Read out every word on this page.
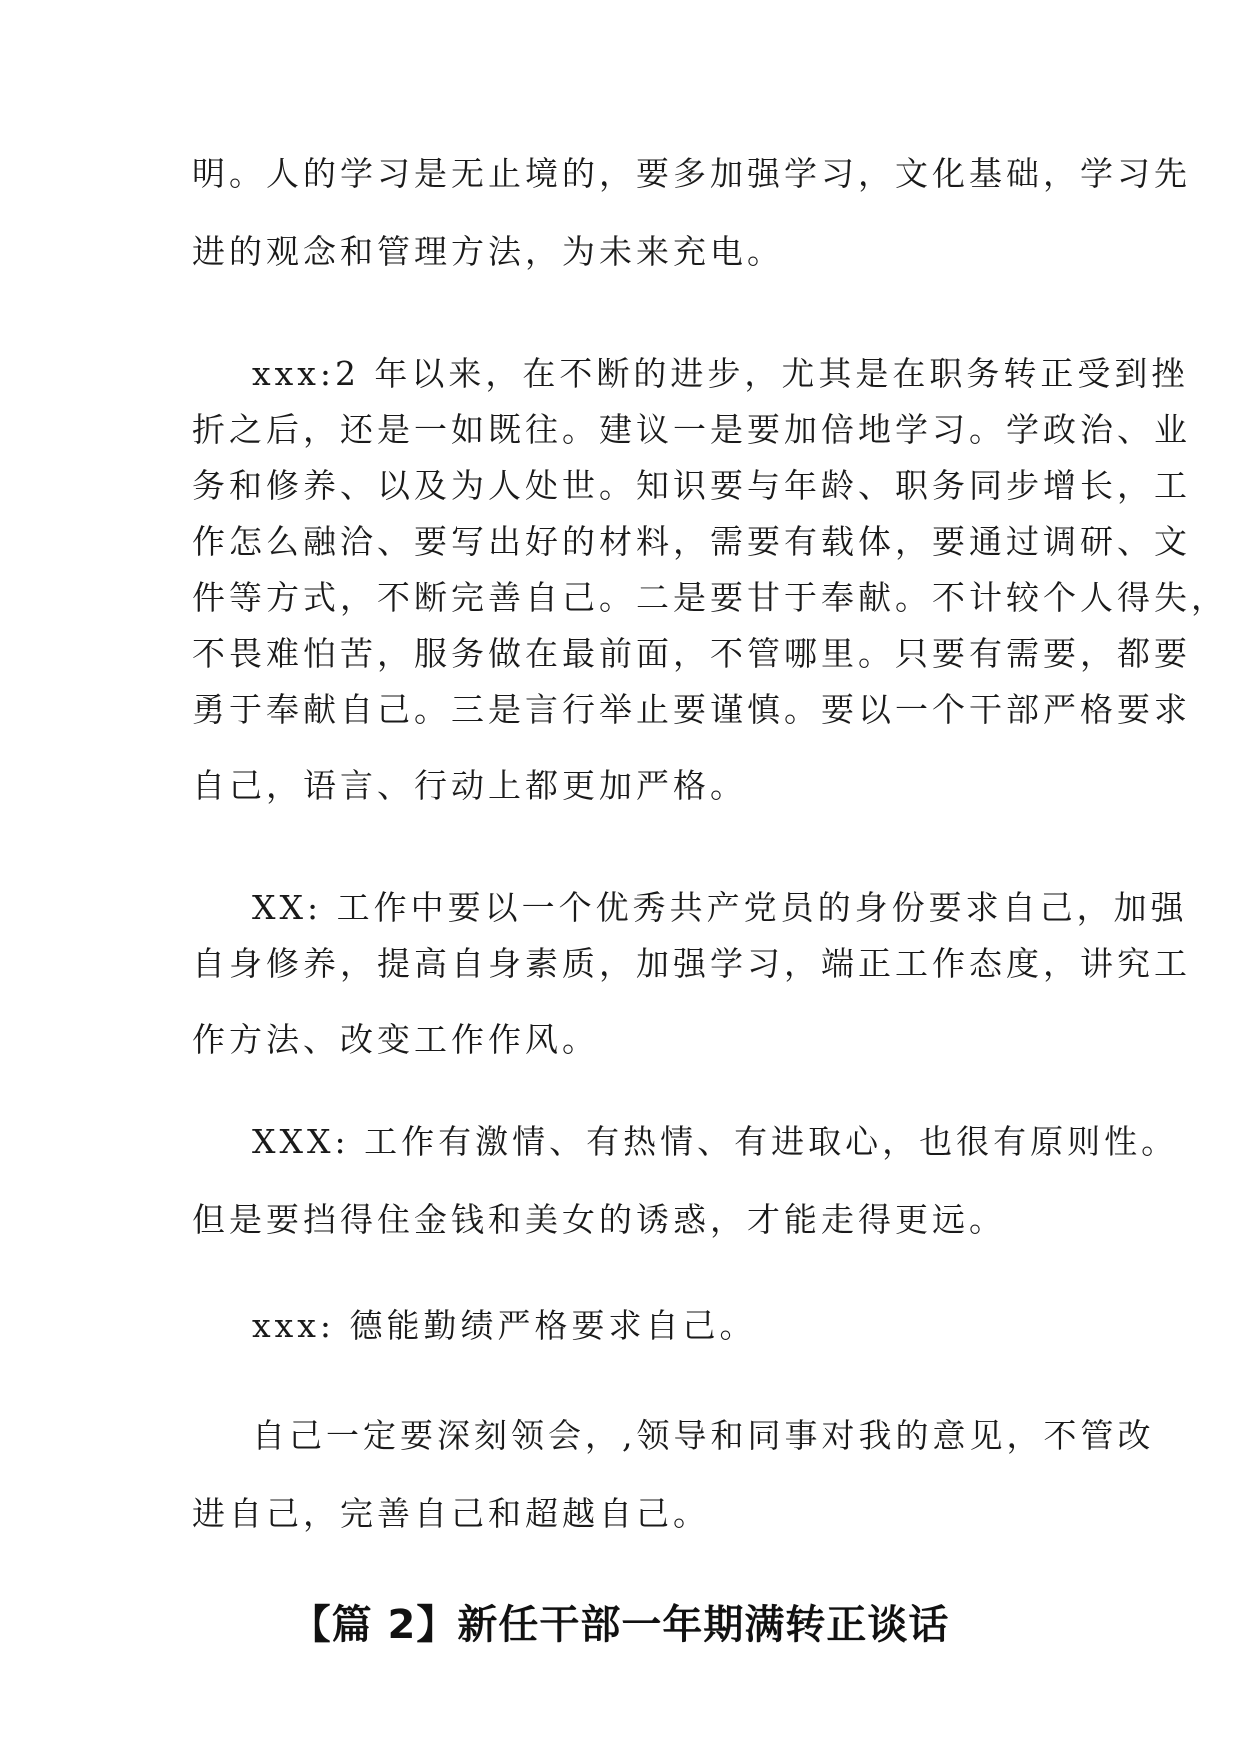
明。人的学习是无止境的，要多加强学习，文化基础，学习先
进的观念和管理方法，为未来充电。
xxx:2 年以来，在不断的进步，尤其是在职务转正受到挫
折之后，还是一如既往。建议一是要加倍地学习。学政治、业
务和修养、以及为人处世。知识要与年龄、职务同步增长，工
作怎么融洽、要写出好的材料，需要有载体，要通过调研、文
件等方式，不断完善自己。二是要甘于奉献。不计较个人得失，
不畏难怕苦，服务做在最前面，不管哪里。只要有需要，都要
勇于奉献自己。三是言行举止要谨慎。要以一个干部严格要求
自己，语言、行动上都更加严格。
XX: 工作中要以一个优秀共产党员的身份要求自己，加强
自身修养，提高自身素质，加强学习，端正工作态度，讲究工
作方法、改变工作作风。
XXX: 工作有激情、有热情、有进取心，也很有原则性。
但是要挡得住金钱和美女的诱惑，才能走得更远。
xxx: 德能勤绩严格要求自己。
自己一定要深刻领会，,领导和同事对我的意见，不管改
进自己，完善自己和超越自己。
【篇 2】新任干部一年期满转正谈话
